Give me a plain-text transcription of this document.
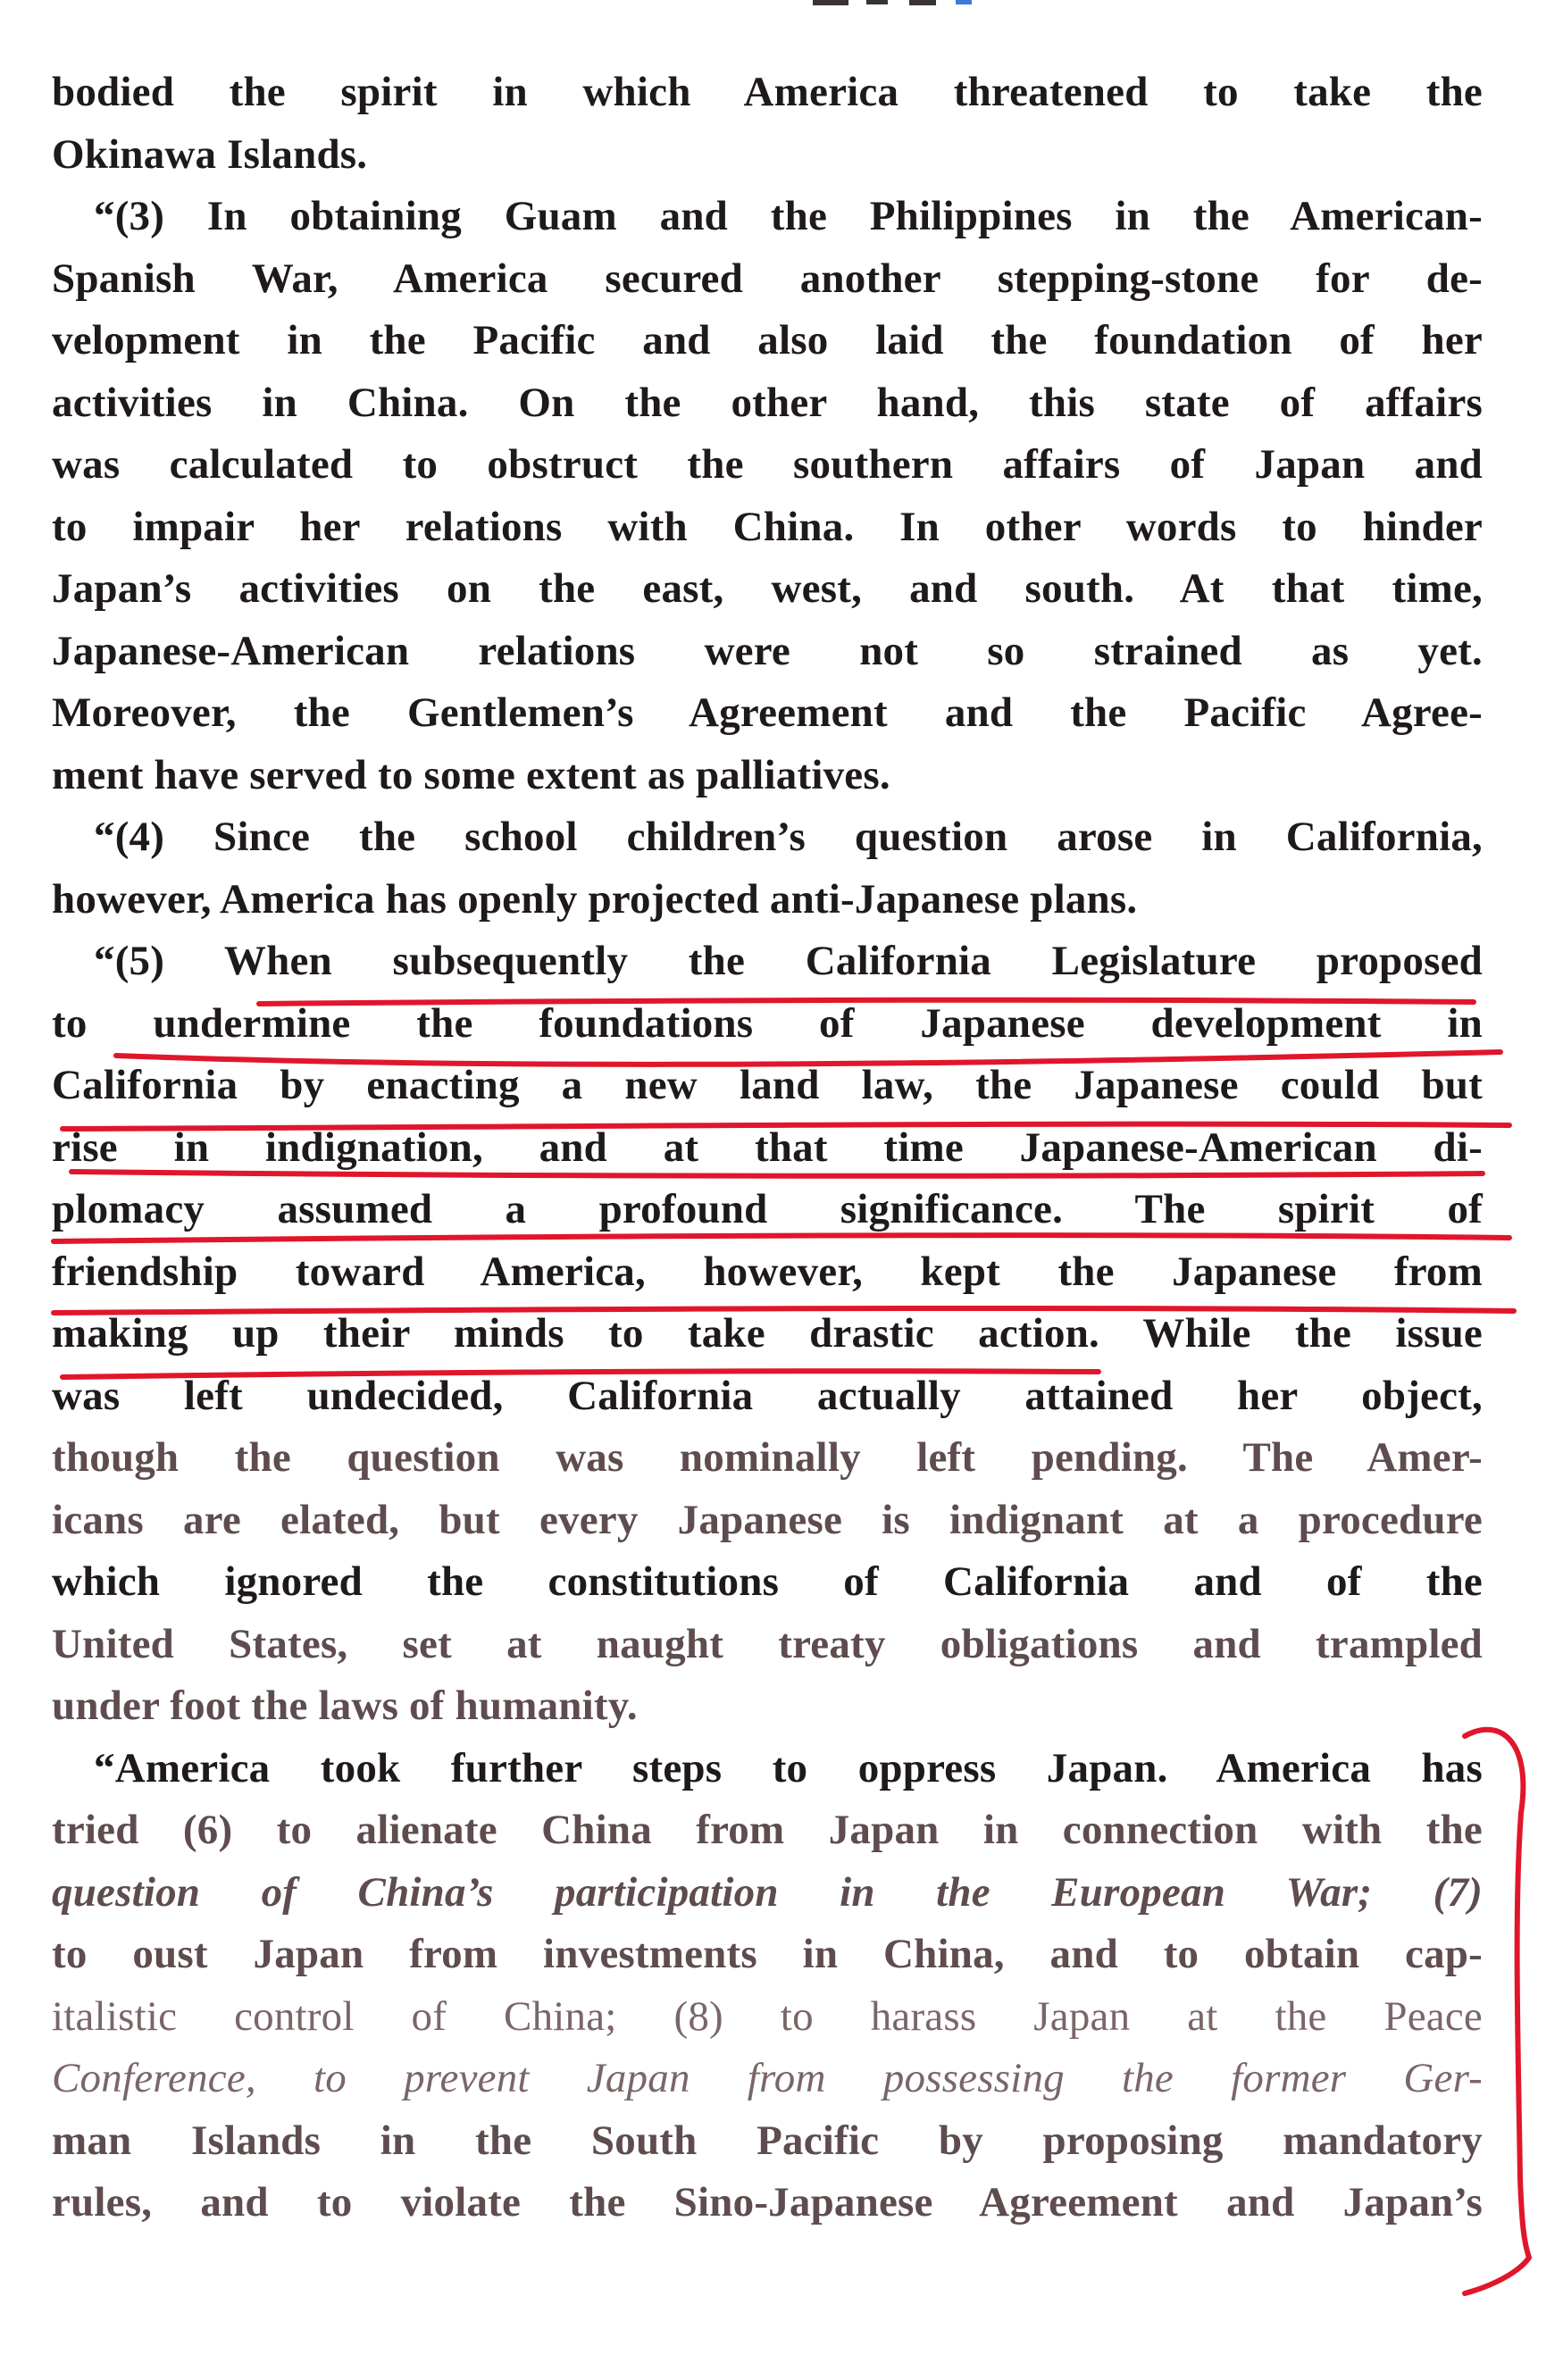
bodied the spirit in which America threatened to take the
Okinawa Islands.
“(3) In obtaining Guam and the Philippines in the American-
Spanish War, America secured another stepping-stone for de-
velopment in the Pacific and also laid the foundation of her
activities in China. On the other hand, this state of affairs
was calculated to obstruct the southern affairs of Japan and
to impair her relations with China. In other words to hinder
Japan’s activities on the east, west, and south. At that time,
Japanese-American relations were not so strained as yet.
Moreover, the Gentlemen’s Agreement and the Pacific Agree-
ment have served to some extent as palliatives.
“(4) Since the school children’s question arose in California,
however, America has openly projected anti-Japanese plans.
“(5) When subsequently the California Legislature proposed
to undermine the foundations of Japanese development in
California by enacting a new land law, the Japanese could but
rise in indignation, and at that time Japanese-American di-
plomacy assumed a profound significance. The spirit of
friendship toward America, however, kept the Japanese from
making up their minds to take drastic action. While the issue
was left undecided, California actually attained her object,
though the question was nominally left pending. The Amer-
icans are elated, but every Japanese is indignant at a procedure
which ignored the constitutions of California and of the
United States, set at naught treaty obligations and trampled
under foot the laws of humanity.
“America took further steps to oppress Japan. America has
tried (6) to alienate China from Japan in connection with the
question of China’s participation in the European War; (7)
to oust Japan from investments in China, and to obtain cap-
italistic control of China; (8) to harass Japan at the Peace
Conference, to prevent Japan from possessing the former Ger-
man Islands in the South Pacific by proposing mandatory
rules, and to violate the Sino-Japanese Agreement and Japan’s
